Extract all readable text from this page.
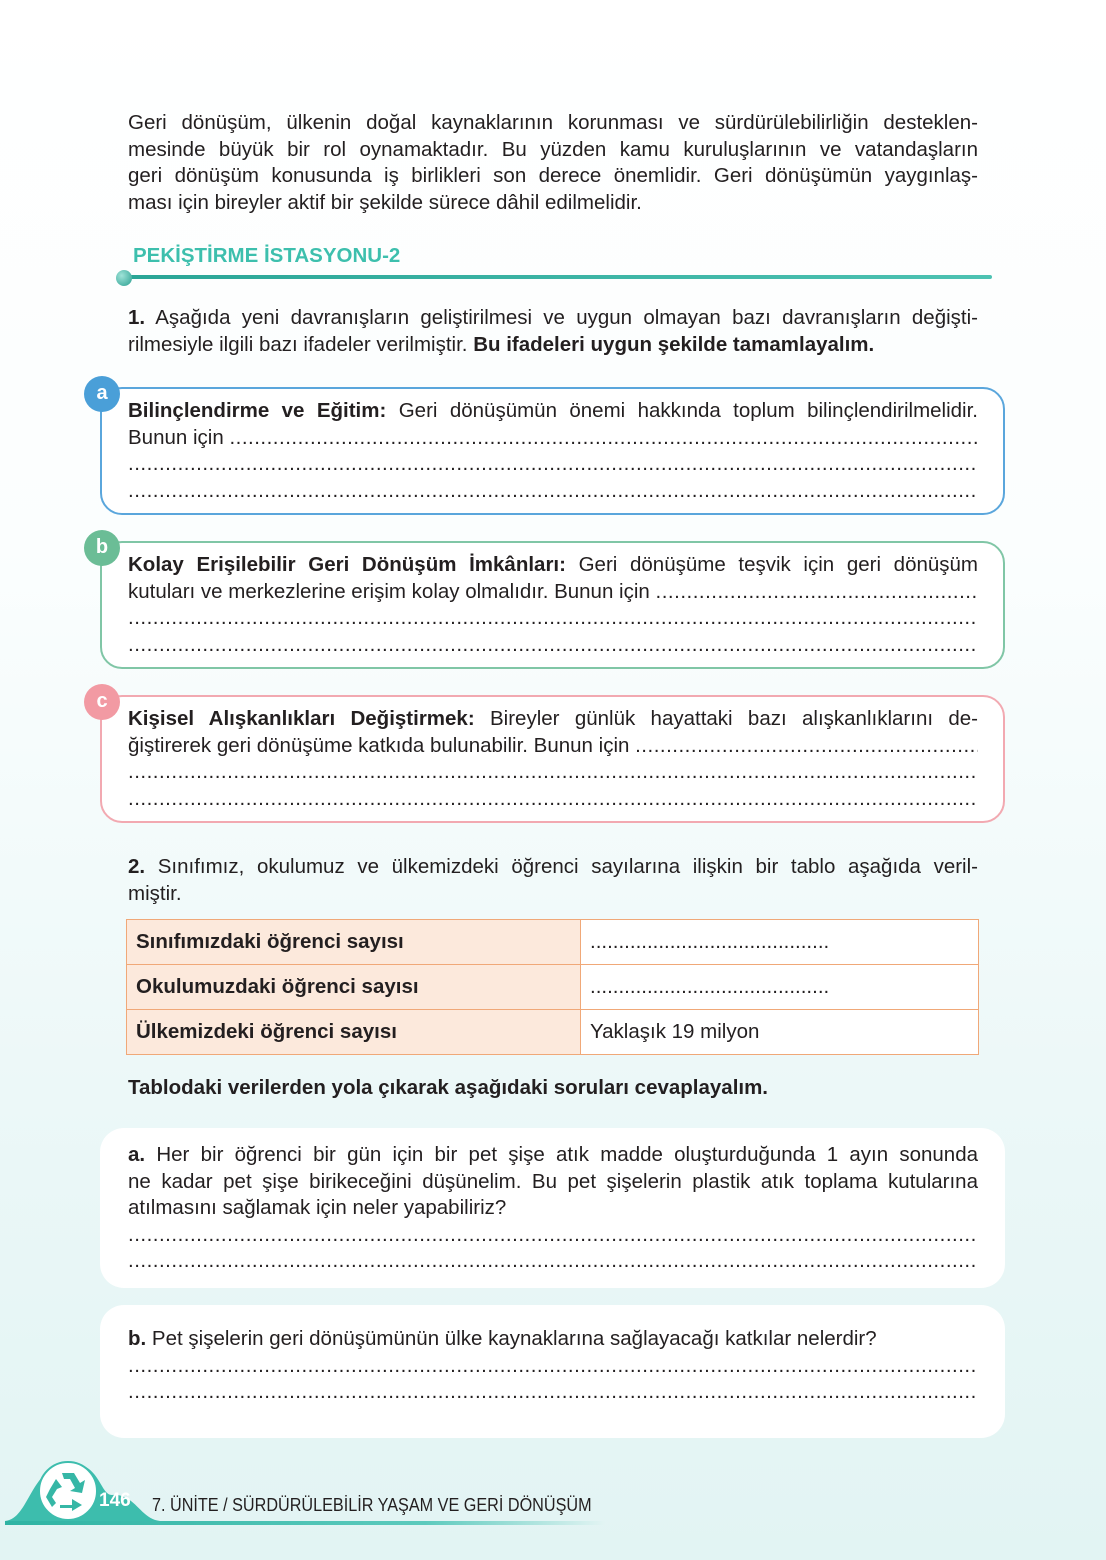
Geri dönüşüm, ülkenin doğal kaynaklarının korunması ve sürdürülebilirliğin desteklen-
mesinde büyük bir rol oynamaktadır. Bu yüzden kamu kuruluşlarının ve vatandaşların
geri dönüşüm konusunda iş birlikleri son derece önemlidir. Geri dönüşümün yaygınlaş-
ması için bireyler aktif bir şekilde sürece dâhil edilmelidir.
PEKİŞTİRME İSTASYONU-2
1. Aşağıda yeni davranışların geliştirilmesi ve uygun olmayan bazı davranışların değişti-
rilmesiyle ilgili bazı ifadeler verilmiştir. Bu ifadeleri uygun şekilde tamamlayalım.
a
Bilinçlendirme ve Eğitim: Geri dönüşümün önemi hakkında toplum bilinçlendirilmelidir.
Bunun için

.....
.....
.....
b
Kolay Erişilebilir Geri Dönüşüm İmkânları: Geri dönüşüme teşvik için geri dönüşüm
kutuları ve merkezlerine erişim kolay olmalıdır. Bunun için

.....
.....
.....
c
Kişisel Alışkanlıkları Değiştirmek: Bireyler günlük hayattaki bazı alışkanlıklarını de-
ğiştirerek geri dönüşüme katkıda bulunabilir. Bunun için

.....
.....
.....
2. Sınıfımız, okulumuz ve ülkemizdeki öğrenci sayılarına ilişkin bir tablo aşağıda veril-
miştir.
Sınıfımızdaki öğrenci sayısı	..........................................
Okulumuzdaki öğrenci sayısı	..........................................
Ülkemizdeki öğrenci sayısı	Yaklaşık 19 milyon
Tablodaki verilerden yola çıkarak aşağıdaki soruları cevaplayalım.
a. Her bir öğrenci bir gün için bir pet şişe atık madde oluşturduğunda 1 ayın sonunda
ne kadar pet şişe birikeceğini düşünelim. Bu pet şişelerin plastik atık toplama kutularına
atılmasını sağlamak için neler yapabiliriz?
.....
.....
b. Pet şişelerin geri dönüşümünün ülke kaynaklarına sağlayacağı katkılar nelerdir?
.....
.....
146 7. ÜNİTE / SÜRDÜRÜLEBİLİR YAŞAM VE GERİ DÖNÜŞÜM
